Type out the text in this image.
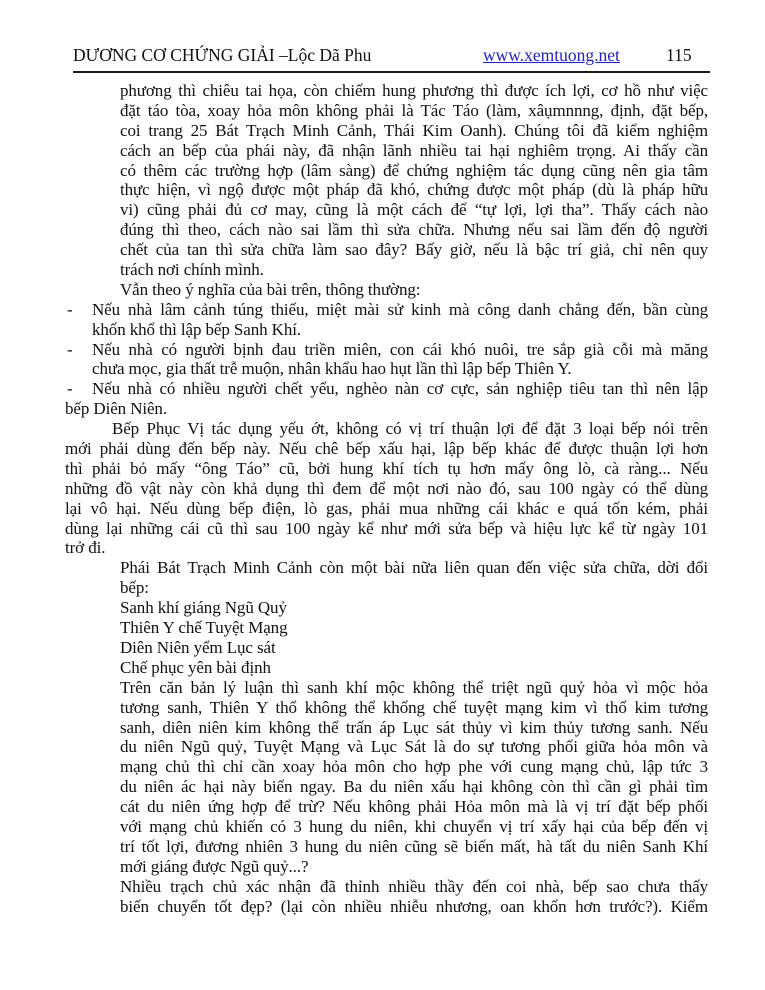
DƯƠNG CƠ CHỨNG GIẢI –Lộc Dã Phu	www.xemtuong.net	115
phương thì chiêu tai họa, còn chiếm hung phương thì được ích lợi, cơ hồ như việc
đặt táo tòa, xoay hỏa môn không phải là Tác Táo (làm, xâụmnnng, định, đặt bếp,
coi trang 25 Bát Trạch Minh Cảnh, Thái Kim Oanh). Chúng tôi đã kiểm nghiệm
cách an bếp của phái này, đã nhận lãnh nhiều tai hại nghiêm trọng. Ai thấy cần
có thêm các trường hợp (lâm sàng) để chứng nghiệm tác dụng cũng nên gia tâm
thực hiện, vì ngộ được một pháp đã khó, chứng được một pháp (dù là pháp hữu
vi) cũng phải đủ cơ may, cũng là một cách để “tự lợi, lợi tha”. Thấy cách nào
đúng thì theo, cách nào sai lầm thì sửa chữa. Nhưng nếu sai lầm đến độ người
chết của tan thì sửa chữa làm sao đây? Bấy giờ, nếu là bậc trí giả, chỉ nên quy
trách nơi chính mình.
Vẫn theo ý nghĩa của bài trên, thông thường:
-	Nếu nhà lâm cảnh túng thiếu, miệt mài sử kinh mà công danh chẳng đến, bần cùng
khốn khổ thì lập bếp Sanh Khí.
-	Nếu nhà có người bịnh đau triền miên, con cái khó nuôi, tre sắp già cỗi mà măng
chưa mọc, gia thất trễ muộn, nhân khẩu hao hụt lần thì lập bếp Thiên Y.
-	Nếu nhà có nhiều người chết yểu, nghèo nàn cơ cực, sản nghiệp tiêu tan thì nên lập
bếp Diên Niên.
Bếp Phục Vị tác dụng yếu ớt, không có vị trí thuận lợi để đặt 3 loại bếp nói trên
mới phải dùng đến bếp này. Nếu chê bếp xấu hại, lập bếp khác để được thuận lợi hơn
thì phải bỏ mấy “ông Táo” cũ, bởi hung khí tích tụ hơn mấy ông lò, cà ràng... Nếu
những đồ vật này còn khả dụng thì đem để một nơi nào đó, sau 100 ngày có thể dùng
lại vô hại. Nếu dùng bếp điện, lò gas, phải mua những cái khác e quá tốn kém, phải
dùng lại những cái cũ thì sau 100 ngày kể như mới sửa bếp và hiệu lực kể từ ngày 101
trở đi.
Phái Bát Trạch Minh Cảnh còn một bài nữa liên quan đến việc sửa chữa, dời đổi
bếp:
Sanh khí giáng Ngũ Quỷ
Thiên Y chế Tuyệt Mạng
Diên Niên yểm Lục sát
Chế phục yên bài định
Trên căn bản lý luận thì sanh khí mộc không thể triệt ngũ quỷ hỏa vì mộc hỏa
tương sanh, Thiên Y thổ không thể khống chế tuyệt mạng kim vì thổ kim tương
sanh, diên niên kim không thể trấn áp Lục sát thủy vì kim thủy tương sanh. Nếu
du niên Ngũ quỷ, Tuyệt Mạng và Lục Sát là do sự tương phối giữa hỏa môn và
mạng chủ thì chỉ cần xoay hỏa môn cho hợp phe với cung mạng chủ, lập tức 3
du niên ác hại này biến ngay. Ba du niên xấu hại không còn thì cần gì phải tìm
cát du niên ứng hợp để trừ? Nếu không phải Hỏa môn mà là vị trí đặt bếp phối
với mạng chủ khiến có 3 hung du niên, khi chuyển vị trí xấy hại của bếp đến vị
trí tốt lợi, đương nhiên 3 hung du niên cũng sẽ biến mất, hà tất du niên Sanh Khí
mới giáng được Ngũ quỷ...?
Nhiều trạch chủ xác nhận đã thỉnh nhiều thầy đến coi nhà, bếp sao chưa thấy
biến chuyển tốt đẹp? (lại còn nhiều nhiễu nhương, oan khốn hơn trước?). Kiểm
